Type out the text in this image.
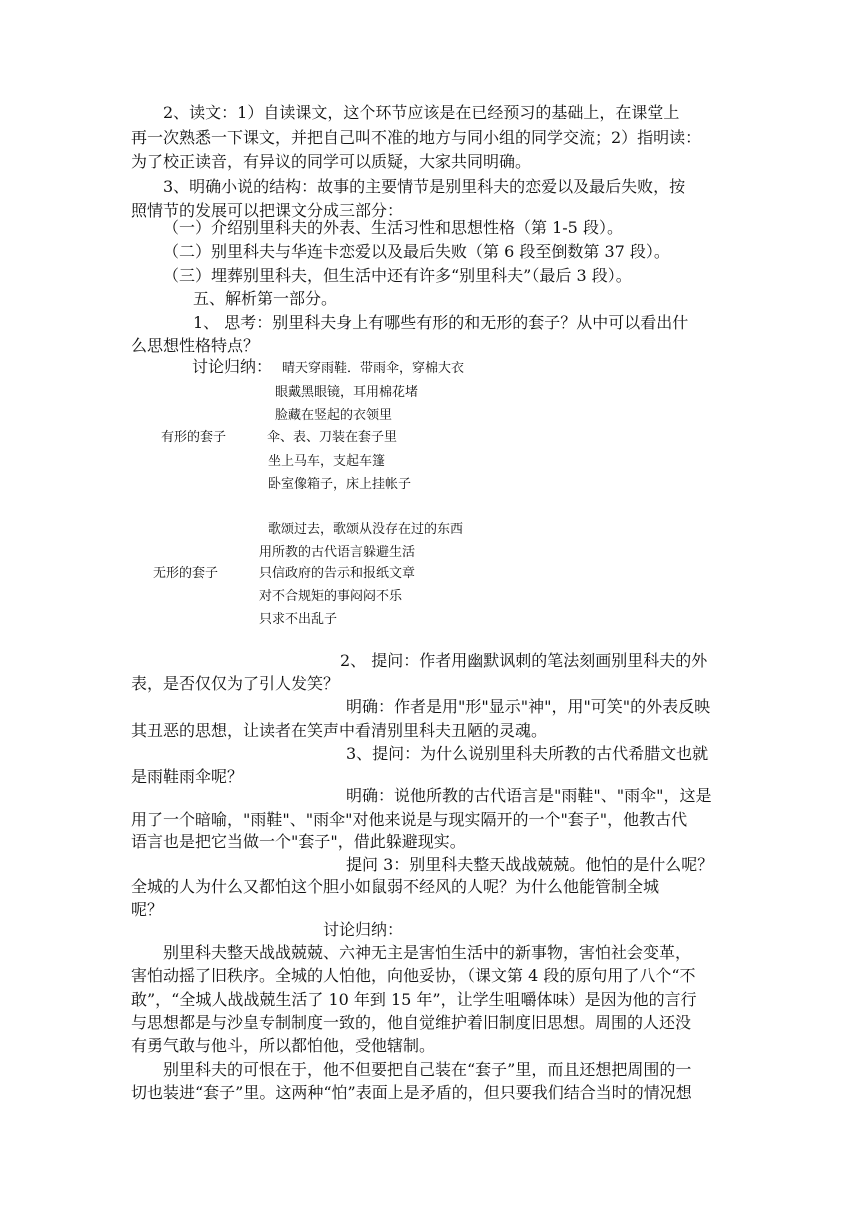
2、读文：1）自读课文，这个环节应该是在已经预习的基础上，在课堂上
再一次熟悉一下课文，并把自己叫不准的地方与同小组的同学交流；2）指明读：
为了校正读音，有异议的同学可以质疑，大家共同明确。
3、明确小说的结构：故事的主要情节是别里科夫的恋爱以及最后失败，按
照情节的发展可以把课文分成三部分：
（一）介绍别里科夫的外表、生活习性和思想性格（第 1-5 段）。
（二）别里科夫与华连卡恋爱以及最后失败（第 6 段至倒数第 37 段）。
（三）埋葬别里科夫，但生活中还有许多“别里科夫”（最后 3 段）。
五、解析第一部分。
1、 思考：别里科夫身上有哪些有形的和无形的套子？从中可以看出什
么思想性格特点？
讨论归纳： 晴天穿雨鞋．带雨伞，穿棉大衣
眼戴黑眼镜，耳用棉花堵
脸藏在竖起的衣领里
有形的套子	伞、表、刀装在套子里
坐上马车，支起车篷
卧室像箱子，床上挂帐子
歌颂过去，歌颂从没存在过的东西
用所教的古代语言躲避生活
无形的套子	只信政府的告示和报纸文章
对不合规矩的事闷闷不乐
只求不出乱子
2、 提问：作者用幽默讽刺的笔法刻画别里科夫的外
表，是否仅仅为了引人发笑？
明确：作者是用"形"显示"神"，用"可笑"的外表反映
其丑恶的思想，让读者在笑声中看清别里科夫丑陋的灵魂。
3、提问：为什么说别里科夫所教的古代希腊文也就
是雨鞋雨伞呢？
明确：说他所教的古代语言是"雨鞋"、"雨伞"，这是
用了一个暗喻，"雨鞋"、"雨伞"对他来说是与现实隔开的一个"套子"，他教古代
语言也是把它当做一个"套子"，借此躲避现实。
提问 3：别里科夫整天战战兢兢。他怕的是什么呢？
全城的人为什么又都怕这个胆小如鼠弱不经风的人呢？为什么他能管制全城
呢？
讨论归纳：
别里科夫整天战战兢兢、六神无主是害怕生活中的新事物，害怕社会变革，
害怕动摇了旧秩序。全城的人怕他，向他妥协，（课文第 4 段的原句用了八个“不
敢”，“全城人战战兢生活了 10 年到 15 年”，让学生咀嚼体味）是因为他的言行
与思想都是与沙皇专制制度一致的，他自觉维护着旧制度旧思想。周围的人还没
有勇气敢与他斗，所以都怕他，受他辖制。
别里科夫的可恨在于，他不但要把自己装在“套子”里，而且还想把周围的一
切也装进“套子”里。这两种“怕”表面上是矛盾的，但只要我们结合当时的情况想
